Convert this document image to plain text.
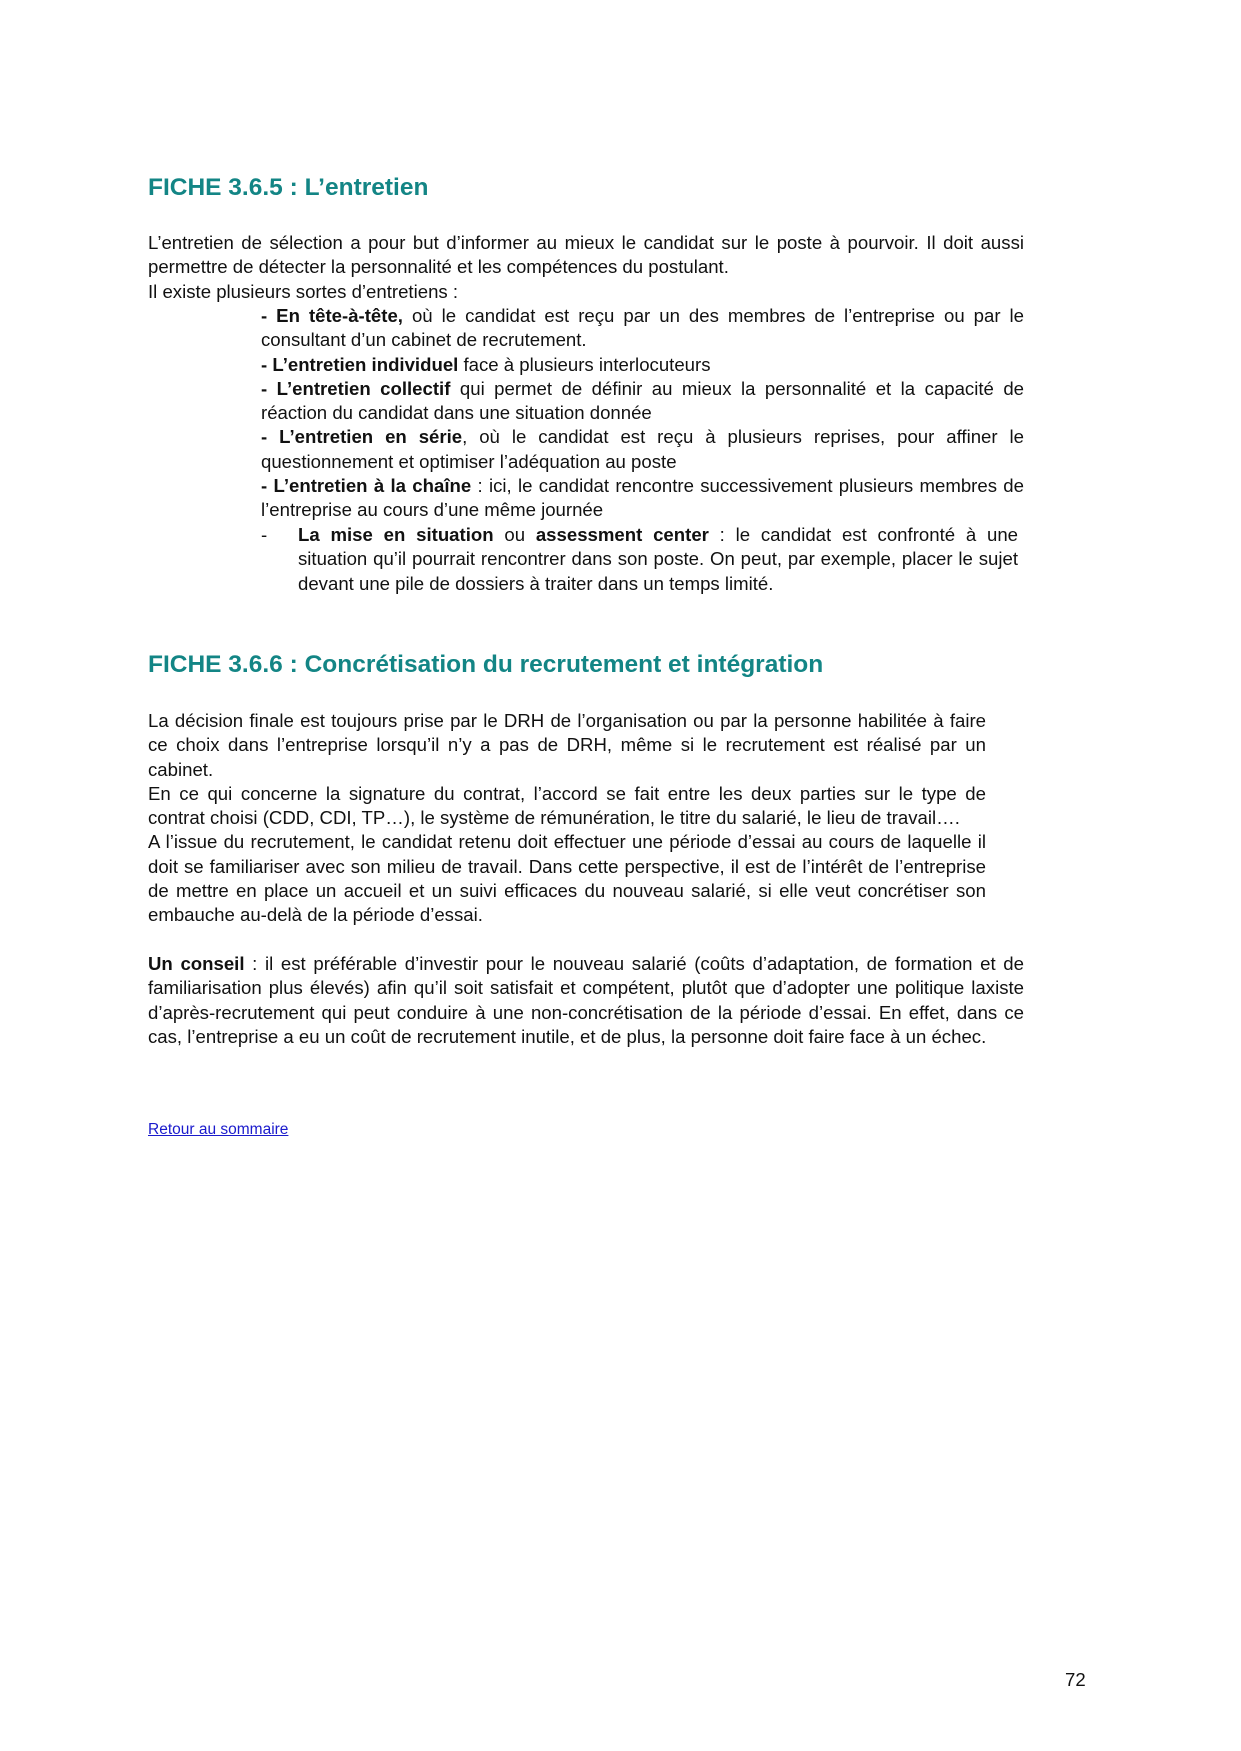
FICHE 3.6.5 : L’entretien

L’entretien de sélection a pour but d’informer au mieux le candidat sur le poste à pourvoir. Il doit aussi permettre de détecter la personnalité et les compétences du postulant.

Il existe plusieurs sortes d’entretiens :

- En tête-à-tête, où le candidat est reçu par un des membres de l’entreprise ou par le consultant d’un cabinet de recrutement.

- L’entretien individuel face à plusieurs interlocuteurs

- L’entretien collectif qui permet de définir au mieux la personnalité et la capacité de réaction du candidat dans une situation donnée

- L’entretien en série, où le candidat est reçu à plusieurs reprises, pour affiner le questionnement et optimiser l’adéquation au poste

- L’entretien à la chaîne : ici, le candidat rencontre successivement plusieurs membres de l’entreprise au cours d’une même journée

- La mise en situation ou assessment center : le candidat est confronté à une situation qu’il pourrait rencontrer dans son poste. On peut, par exemple, placer le sujet devant une pile de dossiers à traiter dans un temps limité.
FICHE 3.6.6 : Concrétisation du recrutement et intégration

La décision finale est toujours prise par le DRH de l’organisation ou par la personne habilitée à faire ce choix dans l’entreprise lorsqu’il n’y a pas de DRH, même si le recrutement est réalisé par un cabinet.

En ce qui concerne la signature du contrat, l’accord se fait entre les deux parties sur le type de contrat choisi (CDD, CDI, TP…), le système de rémunération, le titre du salarié, le lieu de travail….

A l’issue du recrutement, le candidat retenu doit effectuer une période d’essai au cours de laquelle il doit se familiariser avec son milieu de travail. Dans cette perspective, il est de l’intérêt de l’entreprise de mettre en place un accueil et un suivi efficaces du nouveau salarié, si elle veut concrétiser son embauche au-delà de la période d’essai.

Un conseil : il est préférable d’investir pour le nouveau salarié (coûts d’adaptation, de formation et de familiarisation plus élevés) afin qu’il soit satisfait et compétent, plutôt que d’adopter une politique laxiste d’après-recrutement qui peut conduire à une non-concrétisation de la période d’essai. En effet, dans ce cas, l’entreprise a eu un coût de recrutement inutile, et de plus, la personne doit faire face à un échec.

Retour au sommaire
72
